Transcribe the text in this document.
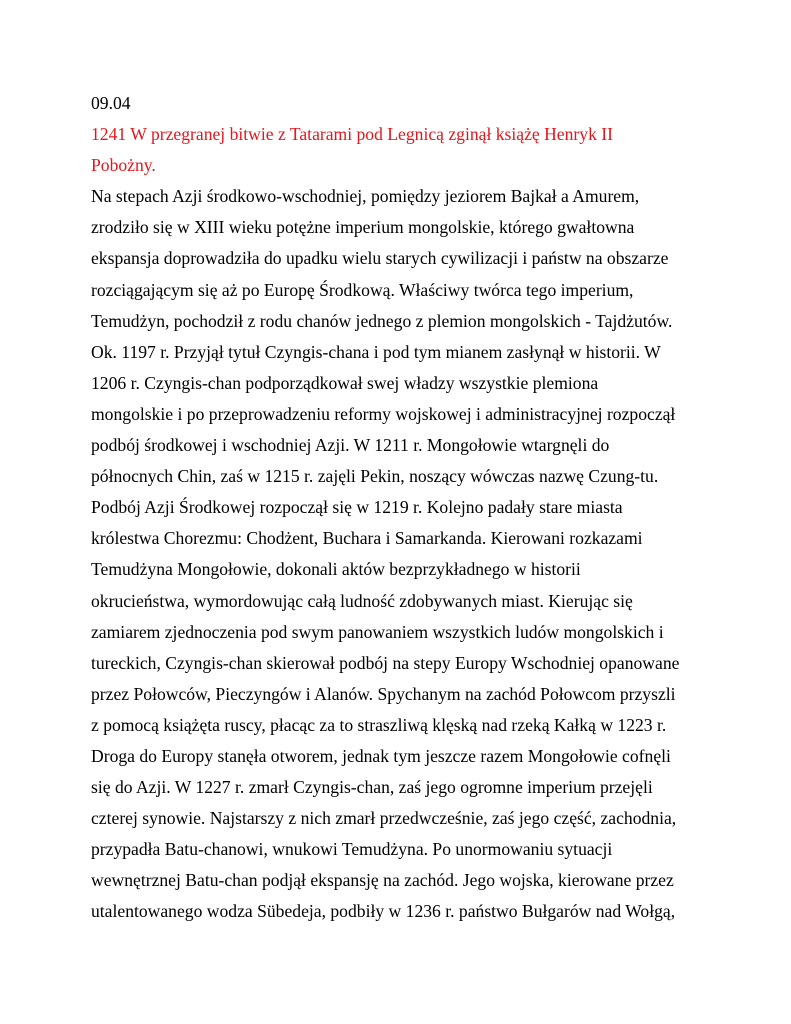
09.04
1241 W przegranej bitwie z Tatarami pod Legnicą zginął książę Henryk II
Pobożny.
Na stepach Azji środkowo-wschodniej, pomiędzy jeziorem Bajkał a Amurem,
zrodziło się w XIII wieku potężne imperium mongolskie, którego gwałtowna
ekspansja doprowadziła do upadku wielu starych cywilizacji i państw na obszarze
rozciągającym się aż po Europę Środkową. Właściwy twórca tego imperium,
Temudżyn, pochodził z rodu chanów jednego z plemion mongolskich - Tajdżutów.
Ok. 1197 r. Przyjął tytuł Czyngis-chana i pod tym mianem zasłynął w historii. W
1206 r. Czyngis-chan podporządkował swej władzy wszystkie plemiona
mongolskie i po przeprowadzeniu reformy wojskowej i administracyjnej rozpoczął
podbój środkowej i wschodniej Azji. W 1211 r. Mongołowie wtargnęli do
północnych Chin, zaś w 1215 r. zajęli Pekin, noszący wówczas nazwę Czung-tu.
Podbój Azji Środkowej rozpoczął się w 1219 r. Kolejno padały stare miasta
królestwa Chorezmu: Chodżent, Buchara i Samarkanda. Kierowani rozkazami
Temudżyna Mongołowie, dokonali aktów bezprzykładnego w historii
okrucieństwa, wymordowując całą ludność zdobywanych miast. Kierując się
zamiarem zjednoczenia pod swym panowaniem wszystkich ludów mongolskich i
tureckich, Czyngis-chan skierował podbój na stepy Europy Wschodniej opanowane
przez Połowców, Pieczyngów i Alanów. Spychanym na zachód Połowcom przyszli
z pomocą książęta ruscy, płacąc za to straszliwą klęską nad rzeką Kałką w 1223 r.
Droga do Europy stanęła otworem, jednak tym jeszcze razem Mongołowie cofnęli
się do Azji. W 1227 r. zmarł Czyngis-chan, zaś jego ogromne imperium przejęli
czterej synowie. Najstarszy z nich zmarł przedwcześnie, zaś jego część, zachodnia,
przypadła Batu-chanowi, wnukowi Temudżyna. Po unormowaniu sytuacji
wewnętrznej Batu-chan podjął ekspansję na zachód. Jego wojska, kierowane przez
utalentowanego wodza Sübedeja, podbiły w 1236 r. państwo Bułgarów nad Wołgą,
